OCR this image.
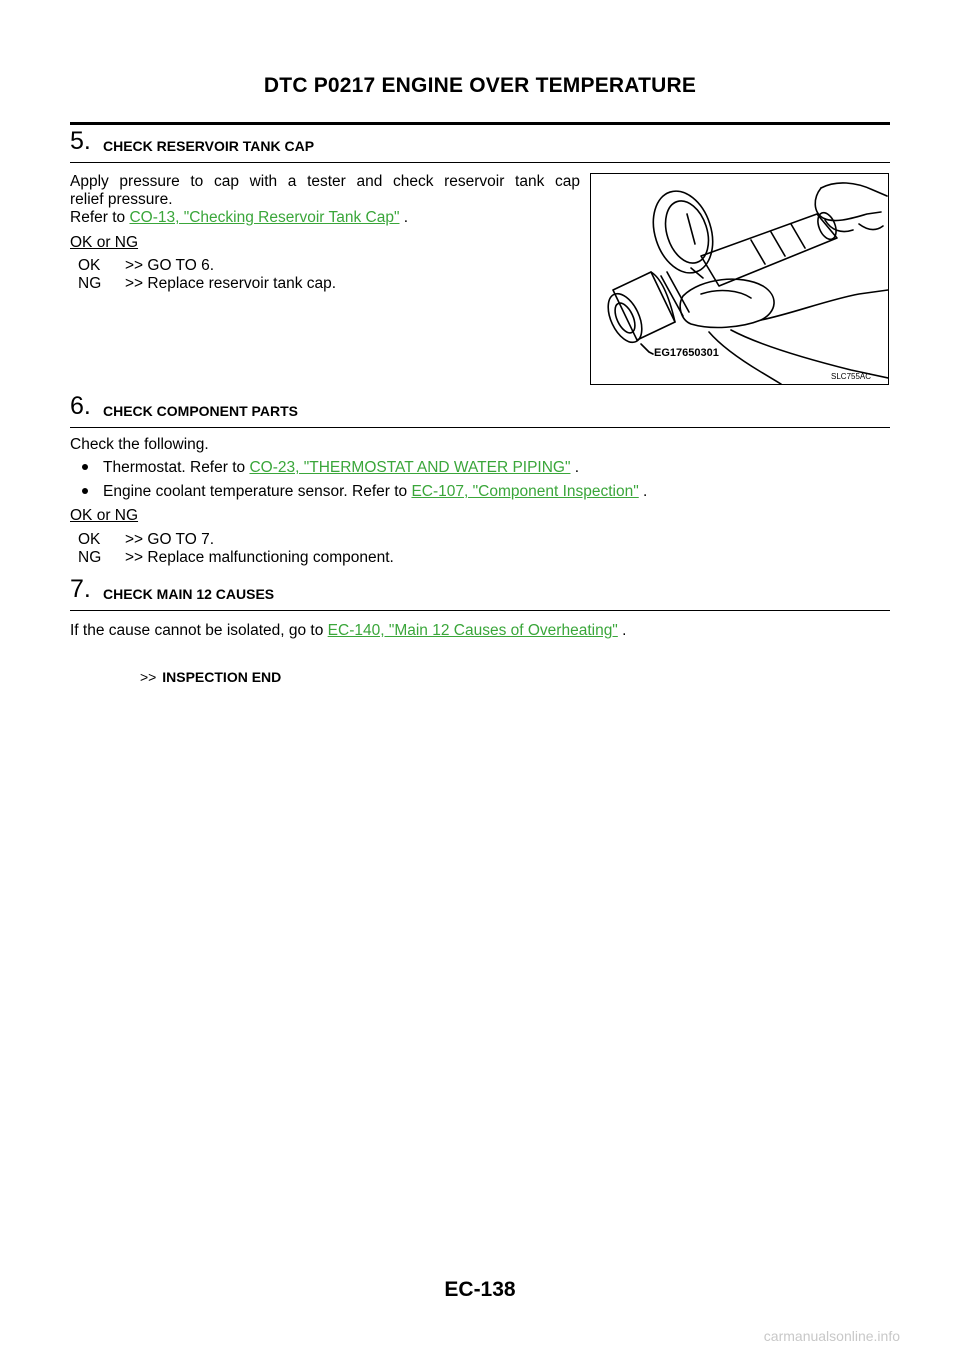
DTC P0217 ENGINE OVER TEMPERATURE
5. CHECK RESERVOIR TANK CAP
Apply pressure to cap with a tester and check reservoir tank cap
relief pressure.
Refer to CO-13, "Checking Reservoir Tank Cap" .
OK or NG
OK >> GO TO 6.
NG >> Replace reservoir tank cap.
EG17650301
SLC755AC
6. CHECK COMPONENT PARTS
Check the following.
Thermostat. Refer to CO-23, "THERMOSTAT AND WATER PIPING" .
Engine coolant temperature sensor. Refer to EC-107, "Component Inspection" .
OK or NG
OK >> GO TO 7.
NG >> Replace malfunctioning component.
7. CHECK MAIN 12 CAUSES
If the cause cannot be isolated, go to EC-140, "Main 12 Causes of Overheating" .
>> INSPECTION END
EC-138
carmanualsonline.info
